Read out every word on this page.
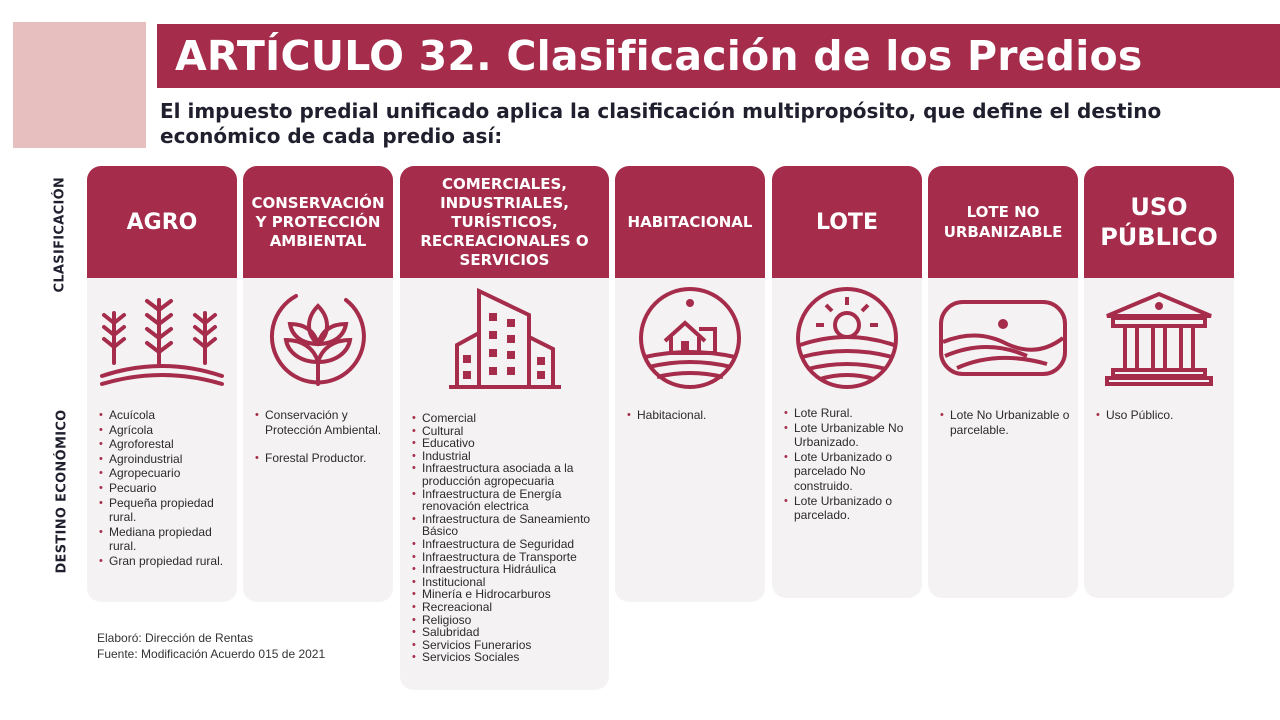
ARTÍCULO 32. Clasificación de los Predios
El impuesto predial unificado aplica la clasificación multipropósito, que define el destino económico de cada predio así:
CLASIFICACIÓN
DESTINO ECONÓMICO
AGRO
• Acuícola
• Agrícola
• Agroforestal
• Agroindustrial
• Agropecuario
• Pecuario
• Pequeña propiedad rural.
• Mediana propiedad rural.
• Gran propiedad rural.
CONSERVACIÓN Y PROTECCIÓN AMBIENTAL
• Conservación y Protección Ambiental.
• Forestal Productor.
COMERCIALES, INDUSTRIALES, TURÍSTICOS, RECREACIONALES O SERVICIOS
• Comercial
• Cultural
• Educativo
• Industrial
• Infraestructura asociada a la producción agropecuaria
• Infraestructura de Energía renovación electrica
• Infraestructura de Saneamiento Básico
• Infraestructura de Seguridad
• Infraestructura de Transporte
• Infraestructura Hidráulica
• Institucional
• Minería e Hidrocarburos
• Recreacional
• Religioso
• Salubridad
• Servicios Funerarios
• Servicios Sociales
HABITACIONAL
• Habitacional.
LOTE
• Lote Rural.
• Lote Urbanizable No Urbanizado.
• Lote Urbanizado o parcelado No construido.
• Lote Urbanizado o parcelado.
LOTE NO URBANIZABLE
• Lote No Urbanizable o parcelable.
USO PÚBLICO
• Uso Público.
Elaboró: Dirección de Rentas
Fuente: Modificación Acuerdo 015 de 2021
